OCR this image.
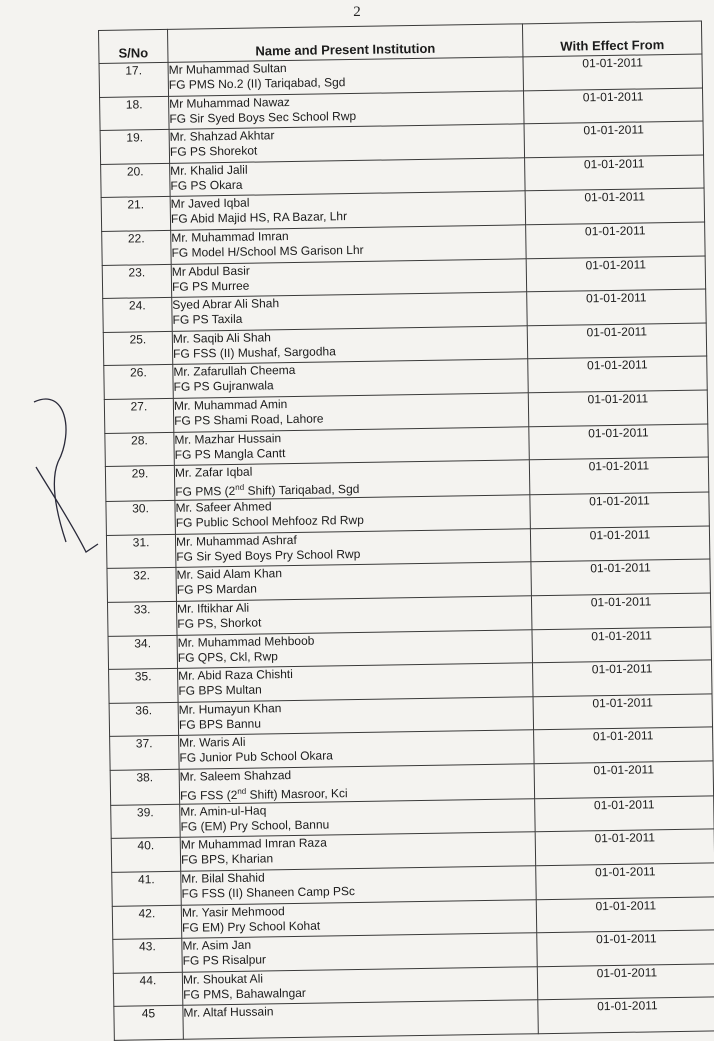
2
S/No	Name and Present Institution	With Effect From
17.	Mr Muhammad Sultan
FG PMS No.2 (II) Tariqabad, Sgd	01-01-2011
18.	Mr Muhammad Nawaz
FG Sir Syed Boys Sec School Rwp	01-01-2011
19.	Mr. Shahzad Akhtar
FG PS Shorekot	01-01-2011
20.	Mr. Khalid Jalil
FG PS Okara	01-01-2011
21.	Mr Javed Iqbal
FG Abid Majid HS, RA Bazar, Lhr	01-01-2011
22.	Mr. Muhammad Imran
FG Model H/School MS Garison Lhr	01-01-2011
23.	Mr Abdul Basir
FG PS Murree	01-01-2011
24.	Syed Abrar Ali Shah
FG PS Taxila	01-01-2011
25.	Mr. Saqib Ali Shah
FG FSS (II) Mushaf, Sargodha	01-01-2011
26.	Mr. Zafarullah Cheema
FG PS Gujranwala	01-01-2011
27.	Mr. Muhammad Amin
FG PS Shami Road, Lahore	01-01-2011
28.	Mr. Mazhar Hussain
FG PS Mangla Cantt	01-01-2011
29.	Mr. Zafar Iqbal
FG PMS (2nd Shift) Tariqabad, Sgd	01-01-2011
30.	Mr. Safeer Ahmed
FG Public School Mehfooz Rd Rwp	01-01-2011
31.	Mr. Muhammad Ashraf
FG Sir Syed Boys Pry School Rwp	01-01-2011
32.	Mr. Said Alam Khan
FG PS Mardan	01-01-2011
33.	Mr. Iftikhar Ali
FG PS, Shorkot	01-01-2011
34.	Mr. Muhammad Mehboob
FG QPS, Ckl, Rwp	01-01-2011
35.	Mr. Abid Raza Chishti
FG BPS Multan	01-01-2011
36.	Mr. Humayun Khan
FG BPS Bannu	01-01-2011
37.	Mr. Waris Ali
FG Junior Pub School Okara	01-01-2011
38.	Mr. Saleem Shahzad
FG FSS (2nd Shift) Masroor, Kci	01-01-2011
39.	Mr. Amin-ul-Haq
FG (EM) Pry School, Bannu	01-01-2011
40.	Mr Muhammad Imran Raza
FG BPS, Kharian	01-01-2011
41.	Mr. Bilal Shahid
FG FSS (II) Shaneen Camp PSc	01-01-2011
42.	Mr. Yasir Mehmood
FG EM) Pry School Kohat	01-01-2011
43.	Mr. Asim Jan
FG PS Risalpur	01-01-2011
44.	Mr. Shoukat Ali
FG PMS, Bahawalngar	01-01-2011
45	Mr. Altaf Hussain	01-01-2011
